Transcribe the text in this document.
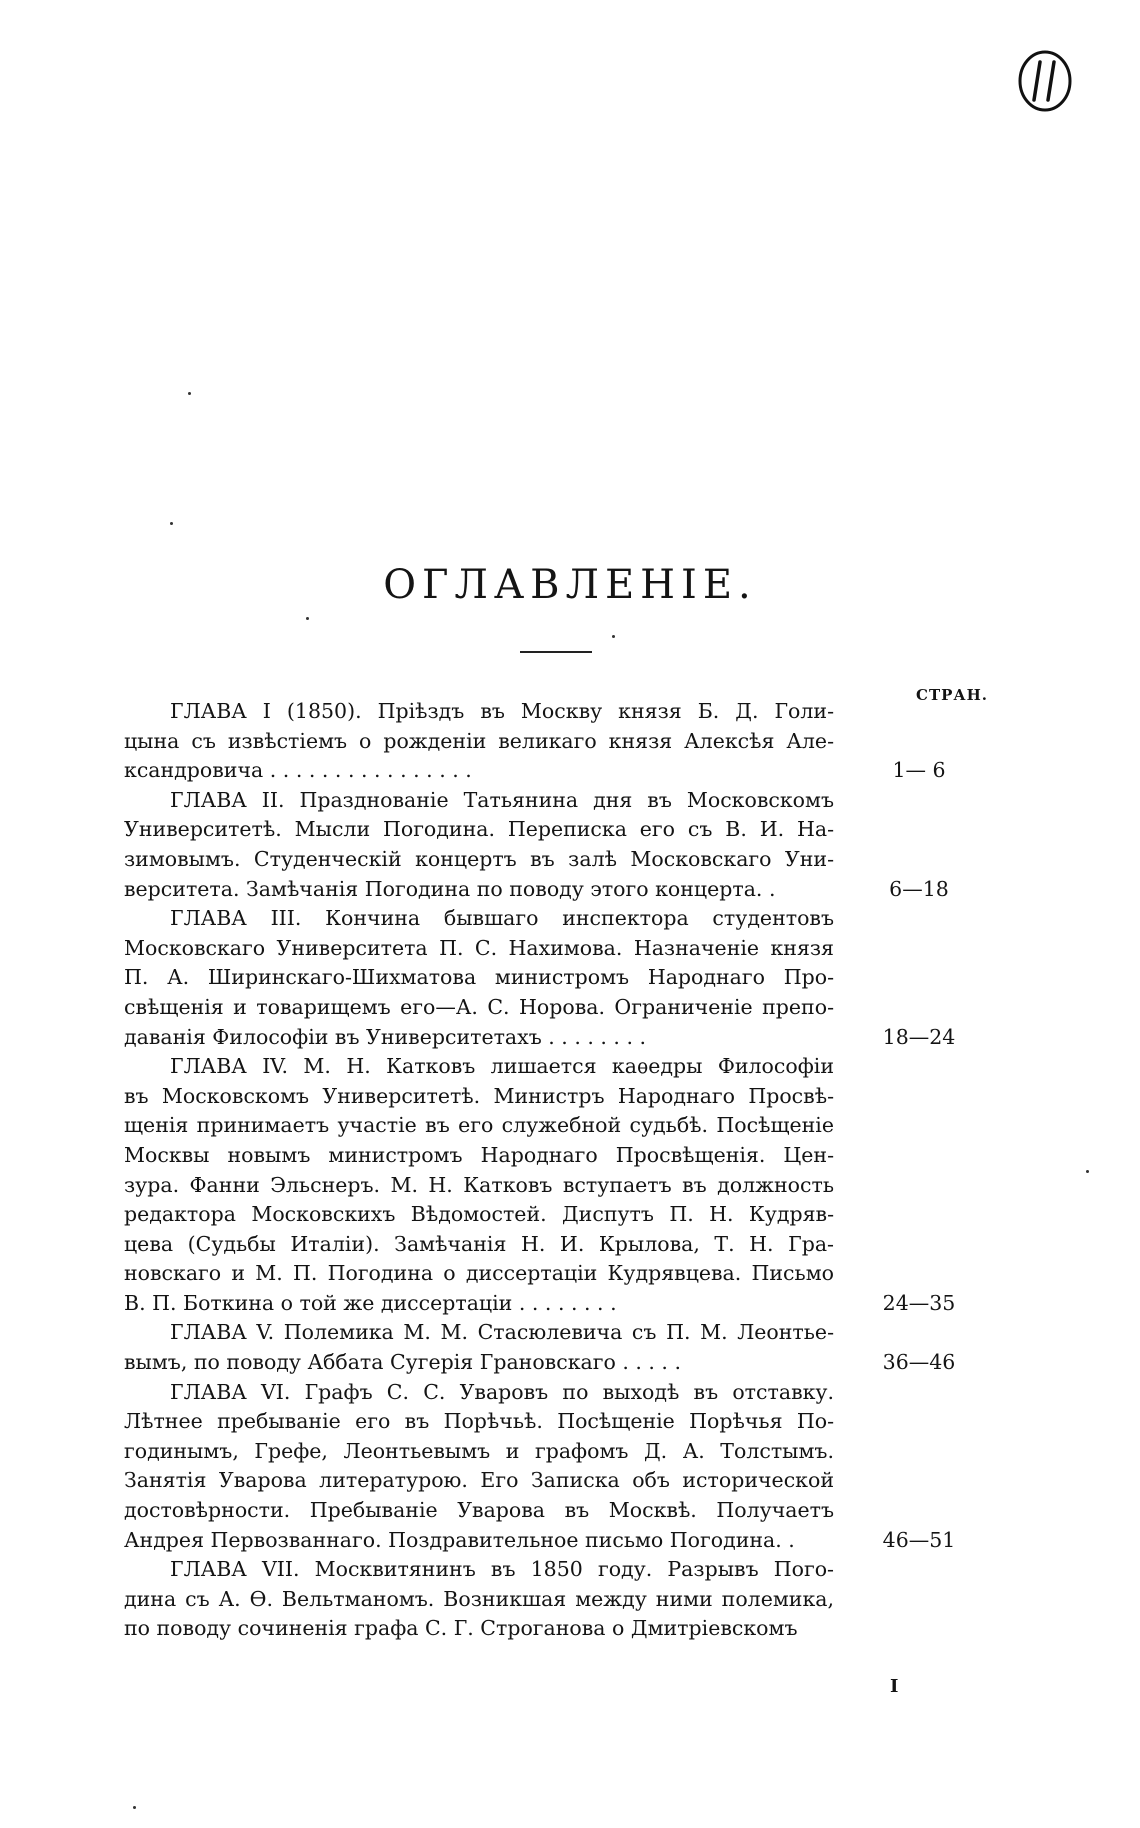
ОГЛАВЛЕНІЕ.
СТРАН.
ГЛАВА I (1850). Пріѣздъ въ Москву князя Б. Д. Голи-
цына съ извѣстіемъ о рожденіи великаго князя Алексѣя Але-
ксандровича . . . . . . . . . . . . . . . .	1— 6
ГЛАВА II. Празднованіе Татьянина дня въ Московскомъ
Университетѣ. Мысли Погодина. Переписка его съ В. И. На-
зимовымъ. Студенческій концертъ въ залѣ Московскаго Уни-
верситета. Замѣчанія Погодина по поводу этого концерта. .	6—18
ГЛАВА III. Кончина бывшаго инспектора студентовъ
Московскаго Университета П. С. Нахимова. Назначеніе князя
П. А. Ширинскаго-Шихматова министромъ Народнаго Про-
свѣщенія и товарищемъ его—А. С. Норова. Ограниченіе препо-
даванія Философіи въ Университетахъ . . . . . . . .	18—24
ГЛАВА IV. М. Н. Катковъ лишается каѳедры Философіи
въ Московскомъ Университетѣ. Министръ Народнаго Просвѣ-
щенія принимаетъ участіе въ его служебной судьбѣ. Посѣщеніе
Москвы новымъ министромъ Народнаго Просвѣщенія. Цен-
зура. Фанни Эльснеръ. М. Н. Катковъ вступаетъ въ должность
редактора Московскихъ Вѣдомостей. Диспутъ П. Н. Кудряв-
цева (Судьбы Италіи). Замѣчанія Н. И. Крылова, Т. Н. Гра-
новскаго и М. П. Погодина о диссертаціи Кудрявцева. Письмо
В. П. Боткина о той же диссертаціи . . . . . . . .	24—35
ГЛАВА V. Полемика М. М. Стасюлевича съ П. М. Леонтье-
вымъ, по поводу Аббата Сугерія Грановскаго . . . . .	36—46
ГЛАВА VI. Графъ С. С. Уваровъ по выходѣ въ отставку.
Лѣтнее пребываніе его въ Порѣчьѣ. Посѣщеніе Порѣчья По-
годинымъ, Грефе, Леонтьевымъ и графомъ Д. А. Толстымъ.
Занятія Уварова литературою. Его Записка объ исторической
достовѣрности. Пребываніе Уварова въ Москвѣ. Получаетъ
Андрея Первозваннаго. Поздравительное письмо Погодина. .	46—51
ГЛАВА VII. Москвитянинъ въ 1850 году. Разрывъ Пого-
дина съ А. Ѳ. Вельтманомъ. Возникшая между ними полемика,
по поводу сочиненія графа С. Г. Строганова о Дмитріевскомъ
I
